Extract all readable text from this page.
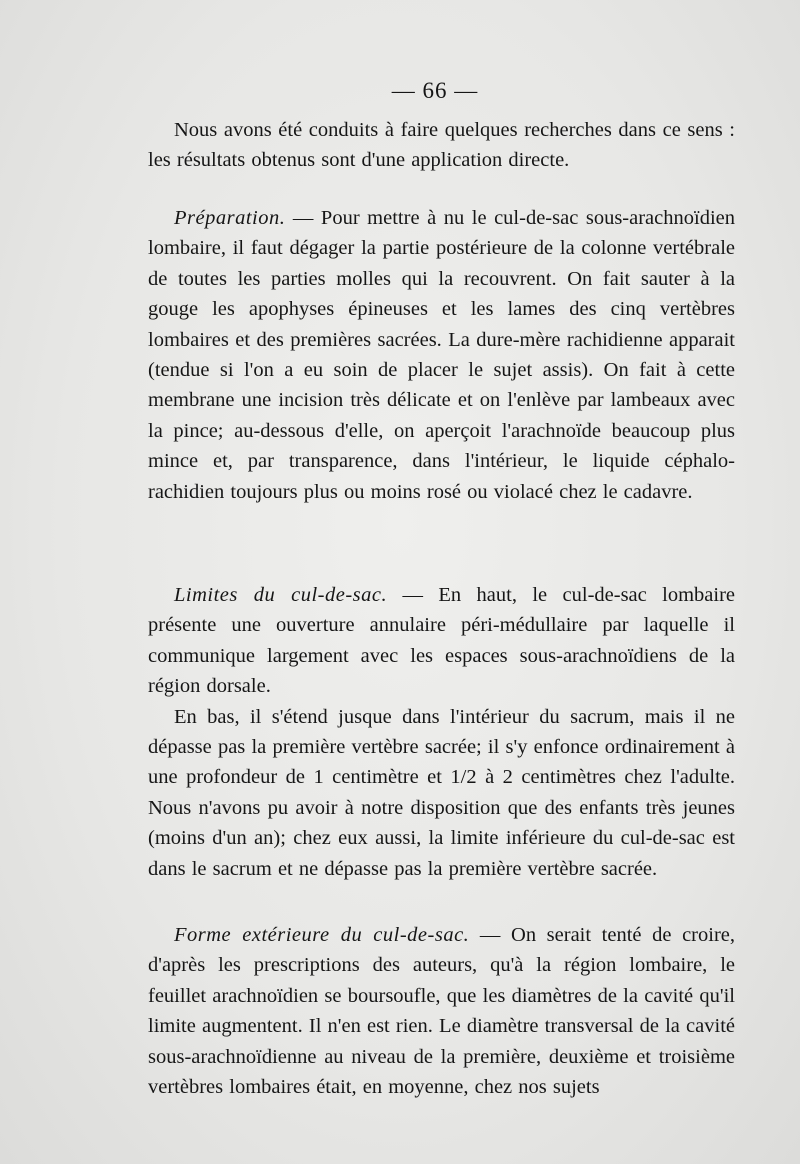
— 66 —

Nous avons été conduits à faire quelques recherches dans ce sens : les résultats obtenus sont d'une application directe.

Préparation. — Pour mettre à nu le cul-de-sac sous-arachnoïdien lombaire, il faut dégager la partie postérieure de la colonne vertébrale de toutes les parties molles qui la recouvrent. On fait sauter à la gouge les apophyses épineuses et les lames des cinq vertèbres lombaires et des premières sacrées. La dure-mère rachidienne apparait (tendue si l'on a eu soin de placer le sujet assis). On fait à cette membrane une incision très délicate et on l'enlève par lambeaux avec la pince; au-dessous d'elle, on aperçoit l'arachnoïde beaucoup plus mince et, par transparence, dans l'intérieur, le liquide céphalo-rachidien toujours plus ou moins rosé ou violacé chez le cadavre.

Limites du cul-de-sac. — En haut, le cul-de-sac lombaire présente une ouverture annulaire péri-médullaire par laquelle il communique largement avec les espaces sous-arachnoïdiens de la région dorsale.

En bas, il s'étend jusque dans l'intérieur du sacrum, mais il ne dépasse pas la première vertèbre sacrée; il s'y enfonce ordinairement à une profondeur de 1 centimètre et 1/2 à 2 centimètres chez l'adulte. Nous n'avons pu avoir à notre disposition que des enfants très jeunes (moins d'un an); chez eux aussi, la limite inférieure du cul-de-sac est dans le sacrum et ne dépasse pas la première vertèbre sacrée.

Forme extérieure du cul-de-sac. — On serait tenté de croire, d'après les prescriptions des auteurs, qu'à la région lombaire, le feuillet arachnoïdien se boursoufle, que les diamètres de la cavité qu'il limite augmentent. Il n'en est rien. Le diamètre transversal de la cavité sous-arachnoïdienne au niveau de la première, deuxième et troisième vertèbres lombaires était, en moyenne, chez nos sujets
